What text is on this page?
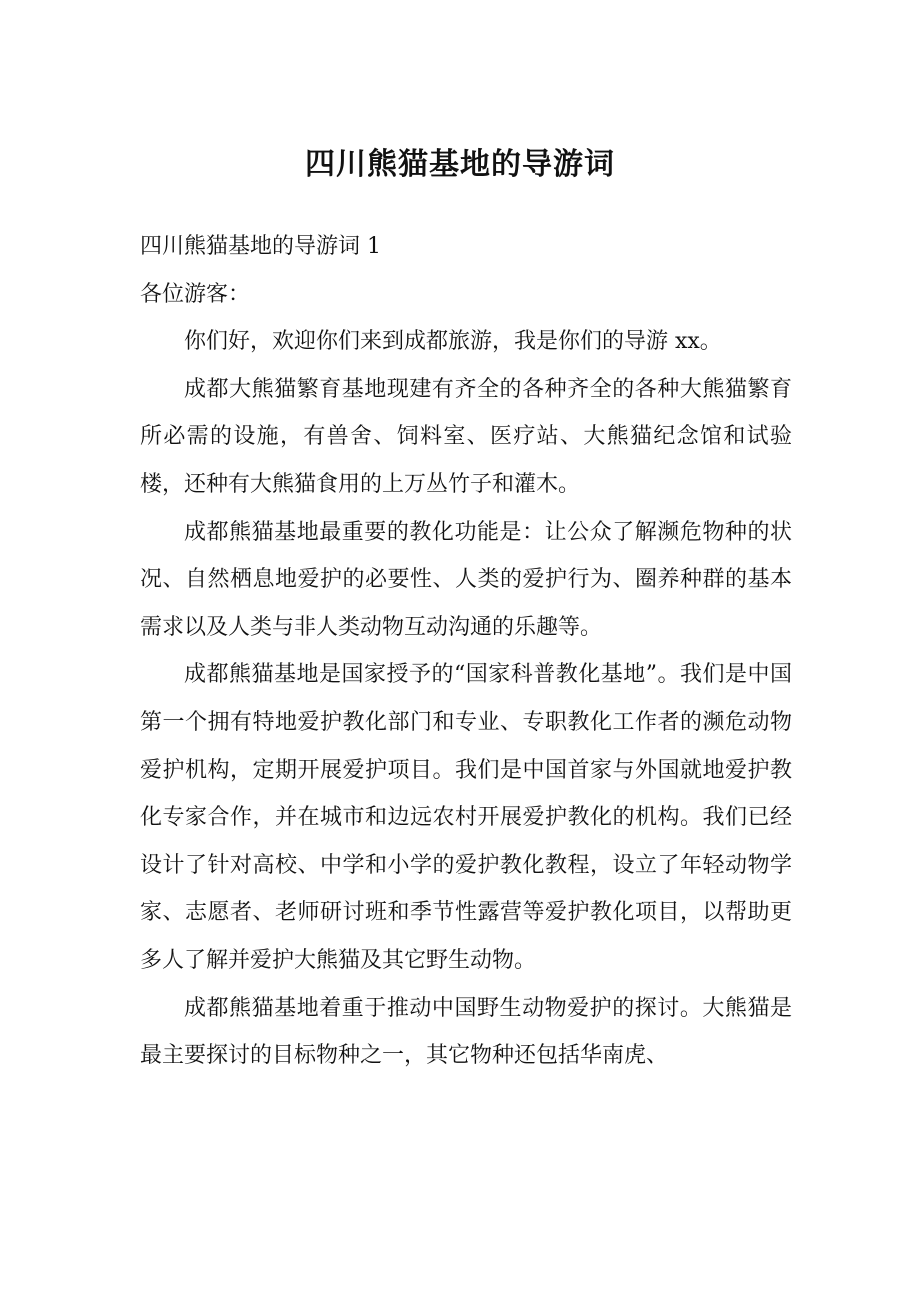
四川熊猫基地的导游词

四川熊猫基地的导游词 1

各位游客：

你们好，欢迎你们来到成都旅游，我是你们的导游 xx。

成都大熊猫繁育基地现建有齐全的各种齐全的各种大熊猫繁育所必需的设施，有兽舍、饲料室、医疗站、大熊猫纪念馆和试验楼，还种有大熊猫食用的上万丛竹子和灌木。

成都熊猫基地最重要的教化功能是：让公众了解濒危物种的状况、自然栖息地爱护的必要性、人类的爱护行为、圈养种群的基本需求以及人类与非人类动物互动沟通的乐趣等。

成都熊猫基地是国家授予的“国家科普教化基地”。我们是中国第一个拥有特地爱护教化部门和专业、专职教化工作者的濒危动物爱护机构，定期开展爱护项目。我们是中国首家与外国就地爱护教化专家合作，并在城市和边远农村开展爱护教化的机构。我们已经设计了针对高校、中学和小学的爱护教化教程，设立了年轻动物学家、志愿者、老师研讨班和季节性露营等爱护教化项目，以帮助更多人了解并爱护大熊猫及其它野生动物。

成都熊猫基地着重于推动中国野生动物爱护的探讨。大熊猫是最主要探讨的目标物种之一，其它物种还包括华南虎、
